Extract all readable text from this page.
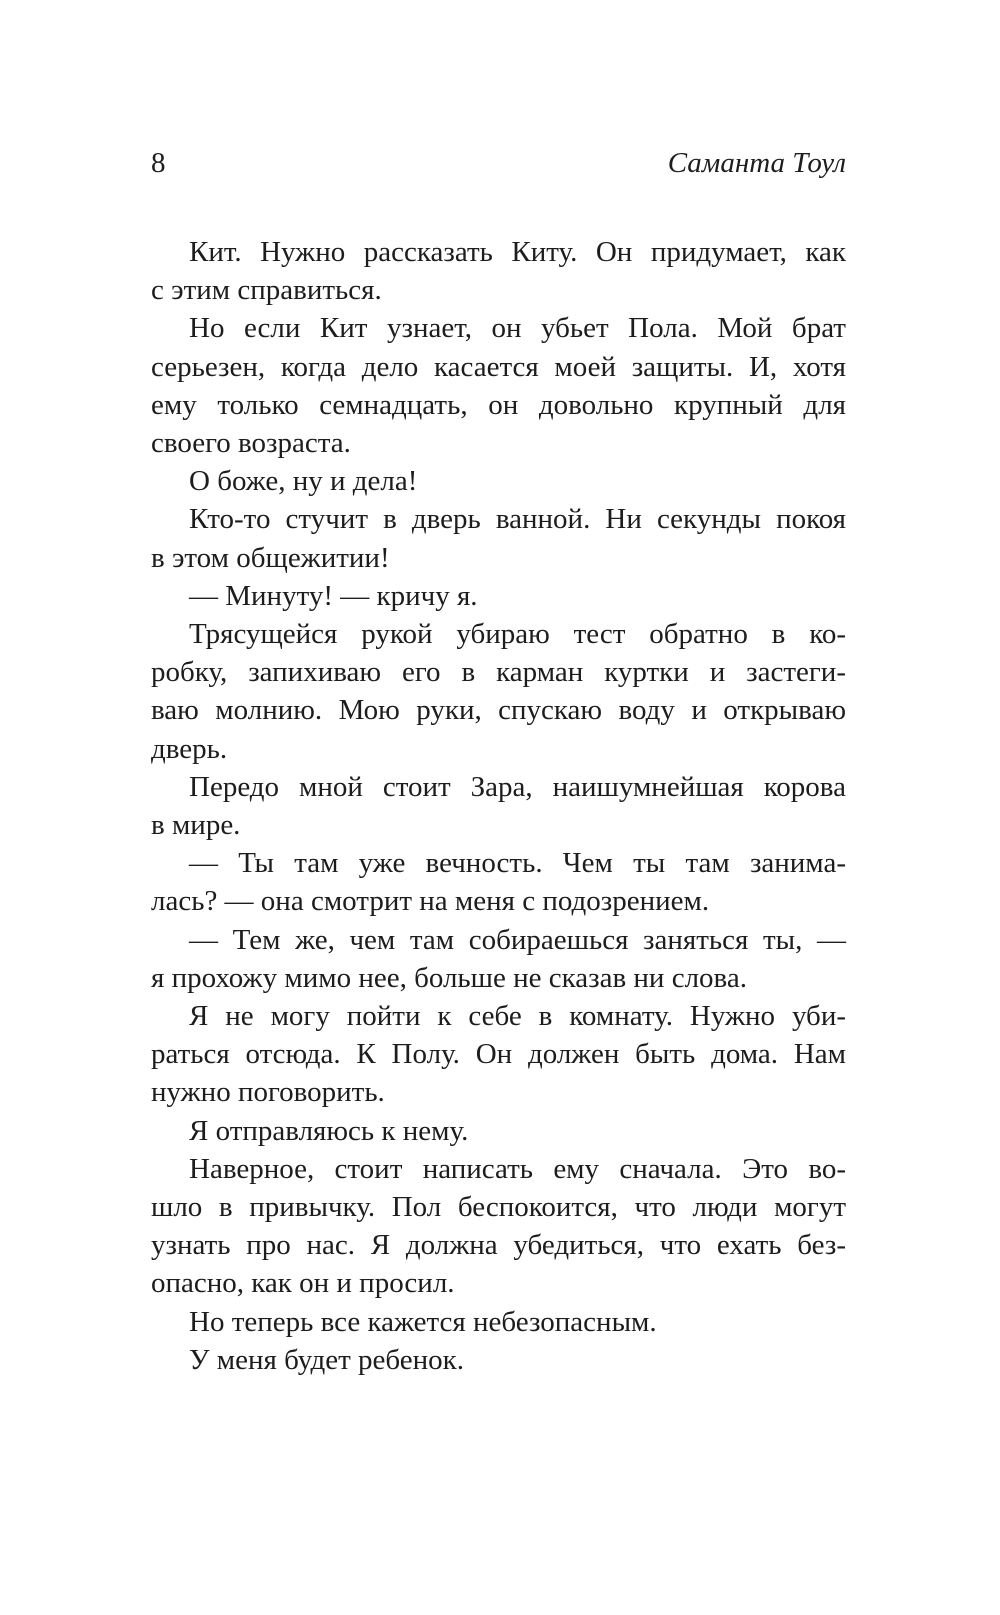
8	Саманта Тоул

Кит. Нужно рассказать Киту. Он придумает, как
с этим справиться.

Но если Кит узнает, он убьет Пола. Мой брат
серьезен, когда дело касается моей защиты. И, хотя
ему только семнадцать, он довольно крупный для
своего возраста.

О боже, ну и дела!

Кто-то стучит в дверь ванной. Ни секунды покоя
в этом общежитии!

— Минуту! — кричу я.

Трясущейся рукой убираю тест обратно в ко-
робку, запихиваю его в карман куртки и застеги-
ваю молнию. Мою руки, спускаю воду и открываю
дверь.

Передо мной стоит Зара, наишумнейшая корова
в мире.

— Ты там уже вечность. Чем ты там занима-
лась? — она смотрит на меня с подозрением.

— Тем же, чем там собираешься заняться ты, —
я прохожу мимо нее, больше не сказав ни слова.

Я не могу пойти к себе в комнату. Нужно уби-
раться отсюда. К Полу. Он должен быть дома. Нам
нужно поговорить.

Я отправляюсь к нему.

Наверное, стоит написать ему сначала. Это во-
шло в привычку. Пол беспокоится, что люди могут
узнать про нас. Я должна убедиться, что ехать без-
опасно, как он и просил.

Но теперь все кажется небезопасным.

У меня будет ребенок.
